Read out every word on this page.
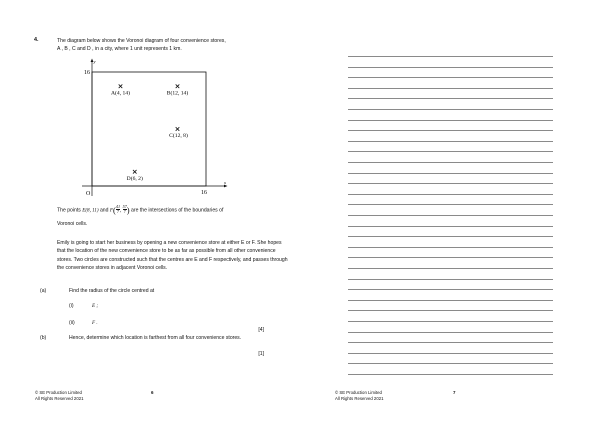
4.	The diagram below shows the Voronoi diagram of four convenience stores,
A , B , C and D , in a city, where 1 unit represents 1 km.
y
x
16
16
O
A(4, 14)	B(12, 14)
C(12, 8)
D(6, 2)
The points E(8, 11) and $F( \frac{41}{7}$ , $\frac{57}{7}$ ) are the intersections of the boundaries of
Voronoi cells.
Emily is going to start her business by opening a new convenience store at either E or F. She hopes that the location of the new convenience store to be as far as possible from all other convenience stores. Two circles are constructed such that the centres are E and F respectively, and passes through the convenience stores in adjacent Voronoi cells.
(a)	Find the radius of the circle centred at
(i)	E ;
(ii)	F .
[4]
(b)	Hence, determine which location is farthest from all four convenience stores.
[1]
© SE Production Limited
All Rights Reserved 2021
6	© SE Production Limited
All Rights Reserved 2021
7
